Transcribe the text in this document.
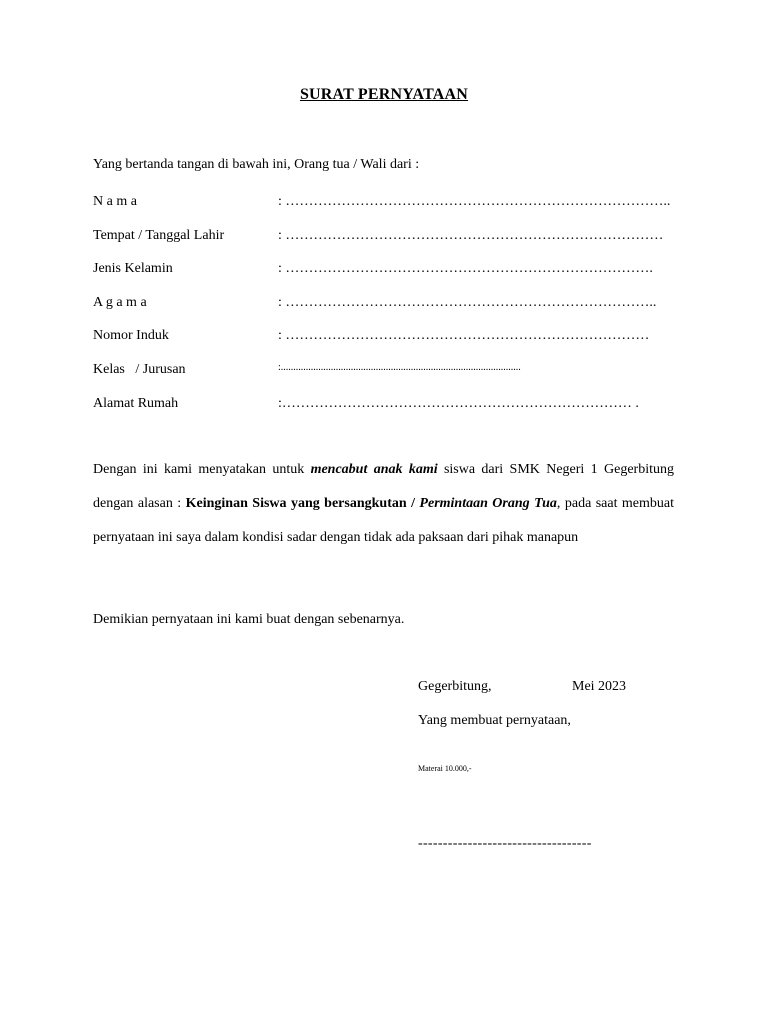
SURAT PERNYATAAN
Yang bertanda tangan di bawah ini, Orang tua / Wali dari :
N a m a	: ………………………………………………………………………..
Tempat / Tanggal Lahir	: ………………………………………………………………………
Jenis Kelamin	: …………………………………………………………………….
A g a m a	: ……………………………………………………………………..
Nomor Induk	: ……………………………………………………………………
Kelas   / Jurusan	:................................................................................................
Alamat Rumah	:………………………………………………………………… .
Dengan ini kami menyatakan untuk mencabut anak kami siswa dari SMK Negeri 1 Gegerbitung dengan alasan : Keinginan Siswa yang bersangkutan / Permintaan Orang Tua, pada saat membuat pernyataan ini saya dalam kondisi sadar dengan tidak ada paksaan dari pihak manapun
Demikian pernyataan ini kami buat dengan sebenarnya.
Gegerbitung,	Mei 2023
Yang membuat pernyataan,
Materai 10.000,-
-----------------------------------
